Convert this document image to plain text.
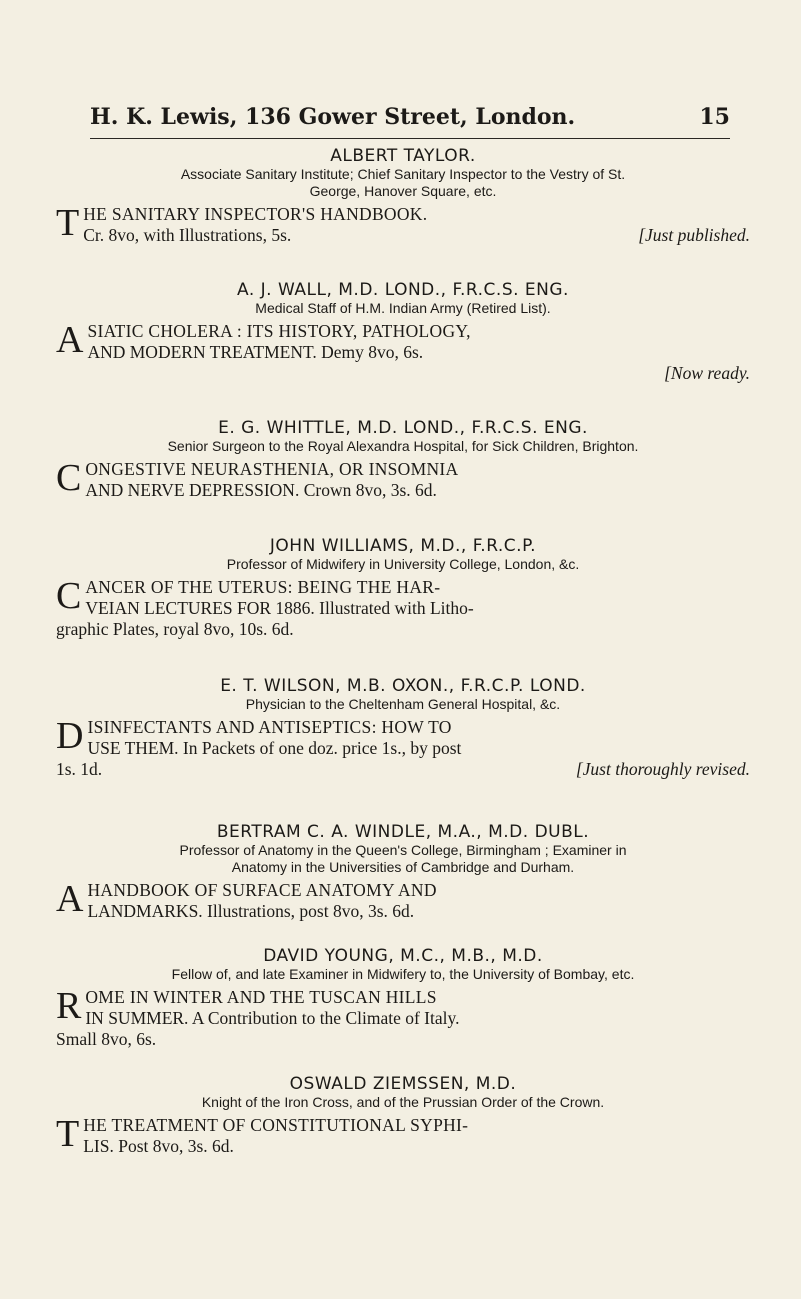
H. K. Lewis, 136 Gower Street, London.	15
ALBERT TAYLOR.
Associate Sanitary Institute; Chief Sanitary Inspector to the Vestry of St.
George, Hanover Square, etc.
T HE SANITARY INSPECTOR'S HANDBOOK.
Cr. 8vo, with Illustrations, 5s.	[Just published.
A. J. WALL, M.D. LOND., F.R.C.S. ENG.
Medical Staff of H.M. Indian Army (Retired List).
A SIATIC CHOLERA : ITS HISTORY, PATHOLOGY,
AND MODERN TREATMENT. Demy 8vo, 6s.
[Now ready.
E. G. WHITTLE, M.D. LOND., F.R.C.S. ENG.
Senior Surgeon to the Royal Alexandra Hospital, for Sick Children, Brighton.
C ONGESTIVE NEURASTHENIA, OR INSOMNIA
AND NERVE DEPRESSION. Crown 8vo, 3s. 6d.
JOHN WILLIAMS, M.D., F.R.C.P.
Professor of Midwifery in University College, London, &c.
C ANCER OF THE UTERUS: BEING THE HAR-
VEIAN LECTURES FOR 1886. Illustrated with Litho-
graphic Plates, royal 8vo, 10s. 6d.
E. T. WILSON, M.B. OXON., F.R.C.P. LOND.
Physician to the Cheltenham General Hospital, &c.
D ISINFECTANTS AND ANTISEPTICS: HOW TO
USE THEM. In Packets of one doz. price 1s., by post
1s. 1d.	[Just thoroughly revised.
BERTRAM C. A. WINDLE, M.A., M.D. DUBL.
Professor of Anatomy in the Queen's College, Birmingham ; Examiner in
Anatomy in the Universities of Cambridge and Durham.
A HANDBOOK OF SURFACE ANATOMY AND
LANDMARKS. Illustrations, post 8vo, 3s. 6d.
DAVID YOUNG, M.C., M.B., M.D.
Fellow of, and late Examiner in Midwifery to, the University of Bombay, etc.
R OME IN WINTER AND THE TUSCAN HILLS
IN SUMMER. A Contribution to the Climate of Italy.
Small 8vo, 6s.
OSWALD ZIEMSSEN, M.D.
Knight of the Iron Cross, and of the Prussian Order of the Crown.
T HE TREATMENT OF CONSTITUTIONAL SYPHI-
LIS. Post 8vo, 3s. 6d.
